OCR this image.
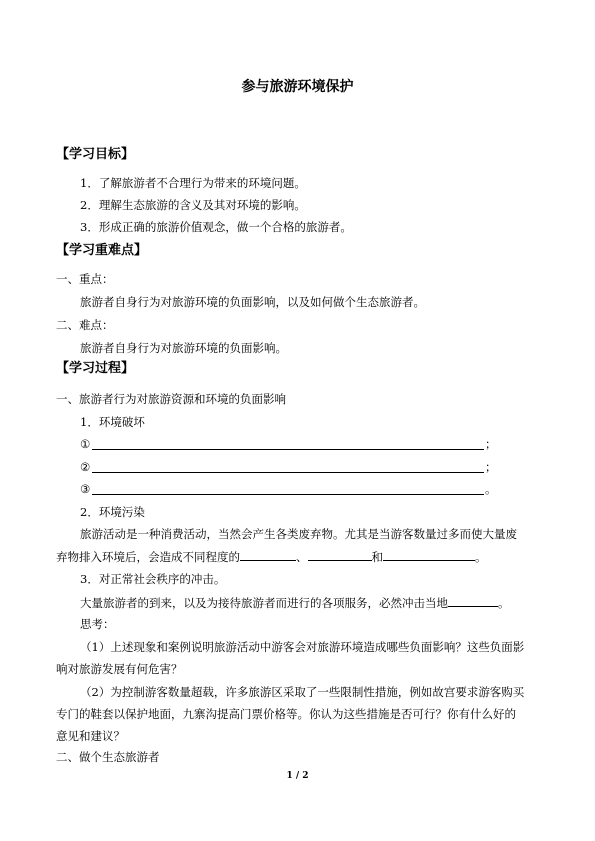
参与旅游环境保护
【学习目标】
1．了解旅游者不合理行为带来的环境问题。
2．理解生态旅游的含义及其对环境的影响。
3．形成正确的旅游价值观念，做一个合格的旅游者。
【学习重难点】
一、重点：
旅游者自身行为对旅游环境的负面影响，以及如何做个生态旅游者。
二、难点：
旅游者自身行为对旅游环境的负面影响。
【学习过程】
一、旅游者行为对旅游资源和环境的负面影响
1．环境破坏
①	；
②	；
③	。
2．环境污染
旅游活动是一种消费活动，当然会产生各类废弃物。尤其是当游客数量过多而使大量废
弃物排入环境后，会造成不同程度的	、	和	。
3．对正常社会秩序的冲击。
大量旅游者的到来，以及为接待旅游者而进行的各项服务，必然冲击当地	。
思考：
（1）上述现象和案例说明旅游活动中游客会对旅游环境造成哪些负面影响？这些负面影
响对旅游发展有何危害？
（2）为控制游客数量超载，许多旅游区采取了一些限制性措施，例如故宫要求游客购买
专门的鞋套以保护地面，九寨沟提高门票价格等。你认为这些措施是否可行？你有什么好的
意见和建议？
二、做个生态旅游者
1 / 2
